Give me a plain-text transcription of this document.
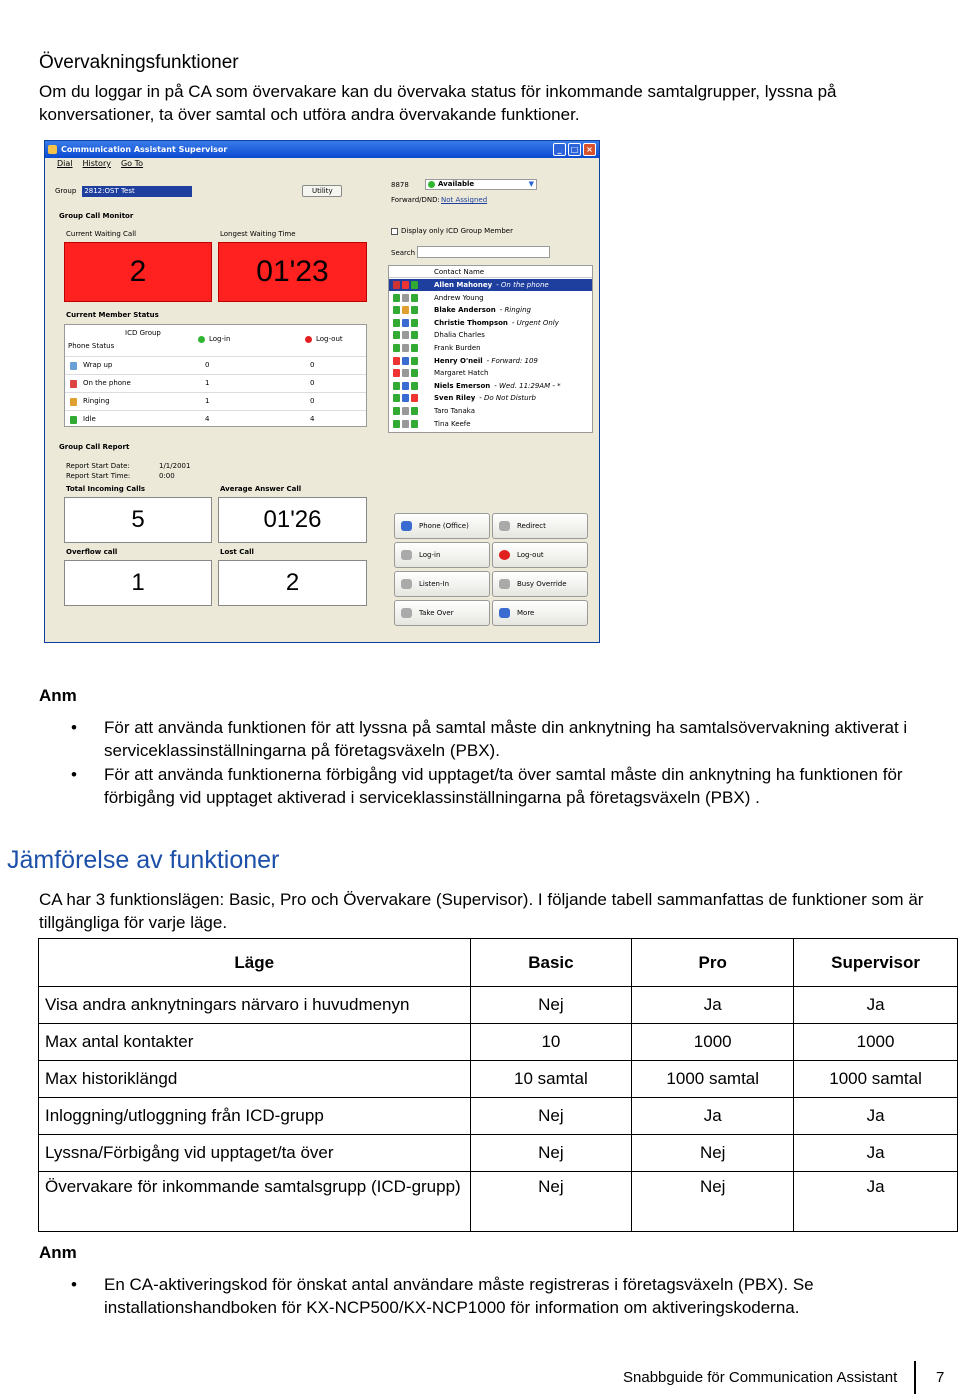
Övervakningsfunktioner
Om du loggar in på CA som övervakare kan du övervaka status för inkommande samtalgrupper, lyssna på konversationer, ta över samtal och utföra andra övervakande funktioner.
Communication Assistant Supervisor	_	□ ×
Dial History Go To
Group 2812:OST Test	Utility
Group Call Monitor
Current Waiting Call	Longest Waiting Time
2	01'23
Current Member Status
ICD Group
Phone Status
Log-in	Log-out
Wrap up	0	0
On the phone	1	0
Ringing	1	0
Idle	4	4
Group Call Report
Report Start Date:	1/1/2001
Report Start Time:	0:00
Total Incoming Calls	Average Answer Call
5	01'26
Overflow call	Lost Call
1	2
8878	Available	▼
Forward/DND: Not Assigned
Display only ICD Group Member
Search
Contact Name
Allen Mahoney - On the phone
Andrew Young
Blake Anderson - Ringing
Christie Thompson - Urgent Only
Dhalia Charles
Frank Burden
Henry O'neil - Forward: 109
Margaret Hatch
Niels Emerson - Wed. 11:29AM - *
Sven Riley - Do Not Disturb
Taro Tanaka
Tina Keefe
Phone (Office)	Redirect
Log-in	Log-out
Listen-In	Busy Override
Take Over	More
Anm
• För att använda funktionen för att lyssna på samtal måste din anknytning ha samtalsövervakning aktiverat i serviceklassinställningarna på företagsväxeln (PBX).
• För att använda funktionerna förbigång vid upptaget/ta över samtal måste din anknytning ha funktionen för förbigång vid upptaget aktiverad i serviceklassinställningarna på företagsväxeln (PBX) .
Jämförelse av funktioner
CA har 3 funktionslägen: Basic, Pro och Övervakare (Supervisor). I följande tabell sammanfattas de funktioner som är tillgängliga för varje läge.
Läge	Basic	Pro	Supervisor
Visa andra anknytningars närvaro i huvudmenyn	Nej	Ja	Ja
Max antal kontakter	10	1000	1000
Max historiklängd	10 samtal	1000 samtal	1000 samtal
Inloggning/utloggning från ICD-grupp	Nej	Ja	Ja
Lyssna/Förbigång vid upptaget/ta över	Nej	Nej	Ja
Övervakare för inkommande samtalsgrupp (ICD-grupp)	Nej	Nej	Ja
Anm
• En CA-aktiveringskod för önskat antal användare måste registreras i företagsväxeln (PBX). Se installationshandboken för KX-NCP500/KX-NCP1000 för information om aktiveringskoderna.
Snabbguide för Communication Assistant	7
